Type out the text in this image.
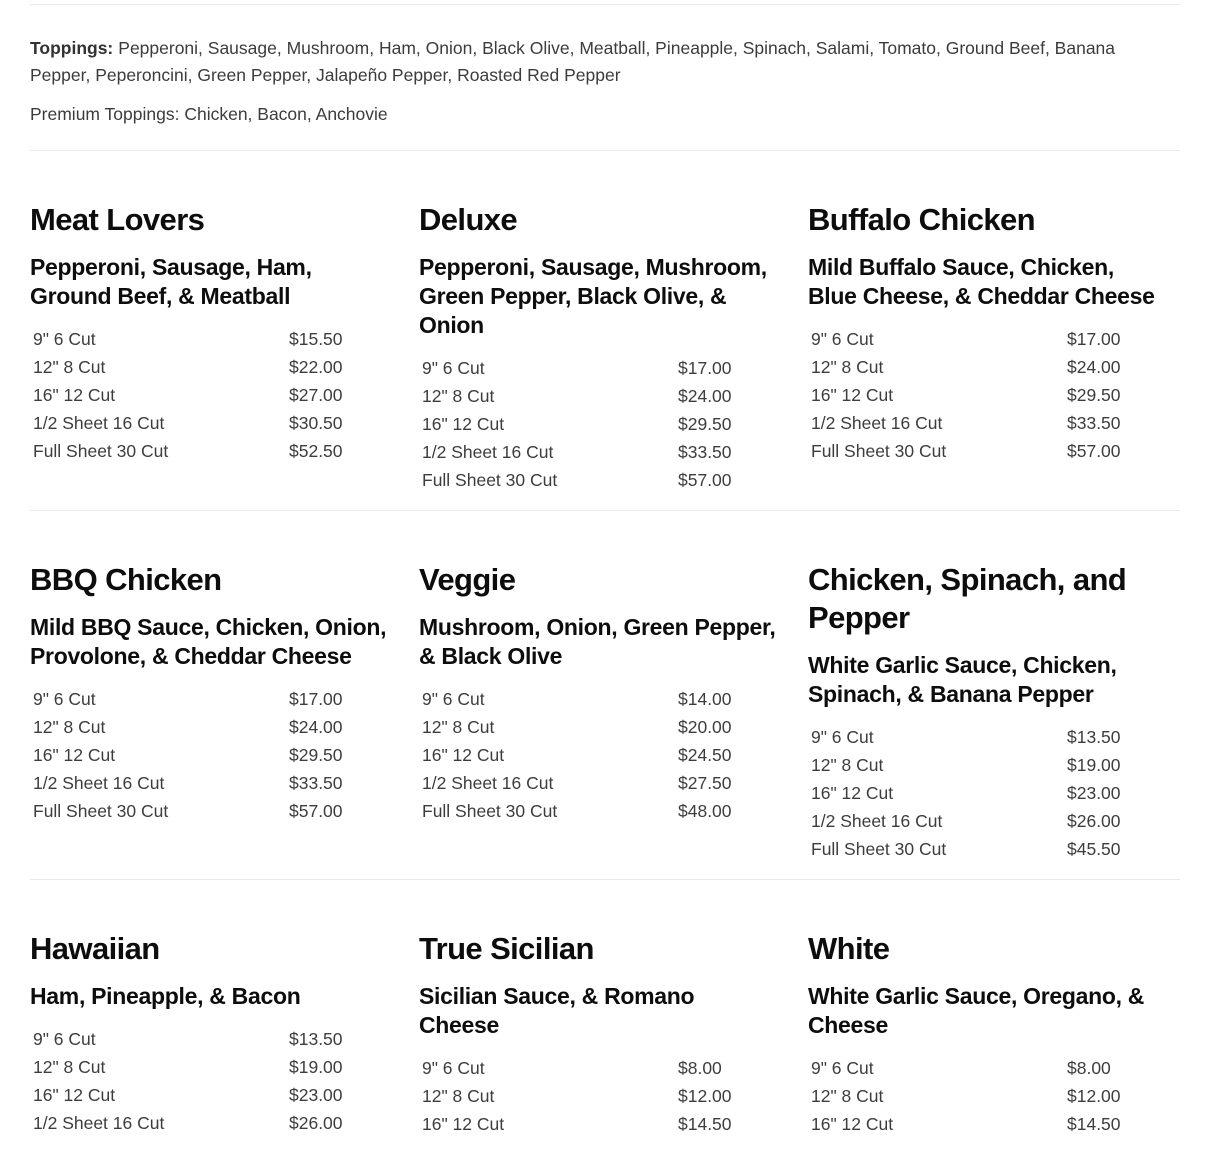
Toppings: Pepperoni, Sausage, Mushroom, Ham, Onion, Black Olive, Meatball, Pineapple, Spinach, Salami, Tomato, Ground Beef, Banana Pepper, Peperoncini, Green Pepper, Jalapeño Pepper, Roasted Red Pepper

Premium Toppings: Chicken, Bacon, Anchovie

Meat Lovers
Pepperoni, Sausage, Ham, Ground Beef, & Meatball
9" 6 Cut	$15.50
12" 8 Cut	$22.00
16" 12 Cut	$27.00
1/2 Sheet 16 Cut	$30.50
Full Sheet 30 Cut	$52.50
Deluxe
Pepperoni, Sausage, Mushroom, Green Pepper, Black Olive, & Onion
9" 6 Cut	$17.00
12" 8 Cut	$24.00
16" 12 Cut	$29.50
1/2 Sheet 16 Cut	$33.50
Full Sheet 30 Cut	$57.00
Buffalo Chicken
Mild Buffalo Sauce, Chicken, Blue Cheese, & Cheddar Cheese
9" 6 Cut	$17.00
12" 8 Cut	$24.00
16" 12 Cut	$29.50
1/2 Sheet 16 Cut	$33.50
Full Sheet 30 Cut	$57.00
BBQ Chicken
Mild BBQ Sauce, Chicken, Onion, Provolone, & Cheddar Cheese
9" 6 Cut	$17.00
12" 8 Cut	$24.00
16" 12 Cut	$29.50
1/2 Sheet 16 Cut	$33.50
Full Sheet 30 Cut	$57.00
Veggie
Mushroom, Onion, Green Pepper, & Black Olive
9" 6 Cut	$14.00
12" 8 Cut	$20.00
16" 12 Cut	$24.50
1/2 Sheet 16 Cut	$27.50
Full Sheet 30 Cut	$48.00
Chicken, Spinach, and Pepper
White Garlic Sauce, Chicken, Spinach, & Banana Pepper
9" 6 Cut	$13.50
12" 8 Cut	$19.00
16" 12 Cut	$23.00
1/2 Sheet 16 Cut	$26.00
Full Sheet 30 Cut	$45.50
Hawaiian
Ham, Pineapple, & Bacon
9" 6 Cut	$13.50
12" 8 Cut	$19.00
16" 12 Cut	$23.00
1/2 Sheet 16 Cut	$26.00
True Sicilian
Sicilian Sauce, & Romano Cheese
9" 6 Cut	$8.00
12" 8 Cut	$12.00
16" 12 Cut	$14.50
White
White Garlic Sauce, Oregano, & Cheese
9" 6 Cut	$8.00
12" 8 Cut	$12.00
16" 12 Cut	$14.50
